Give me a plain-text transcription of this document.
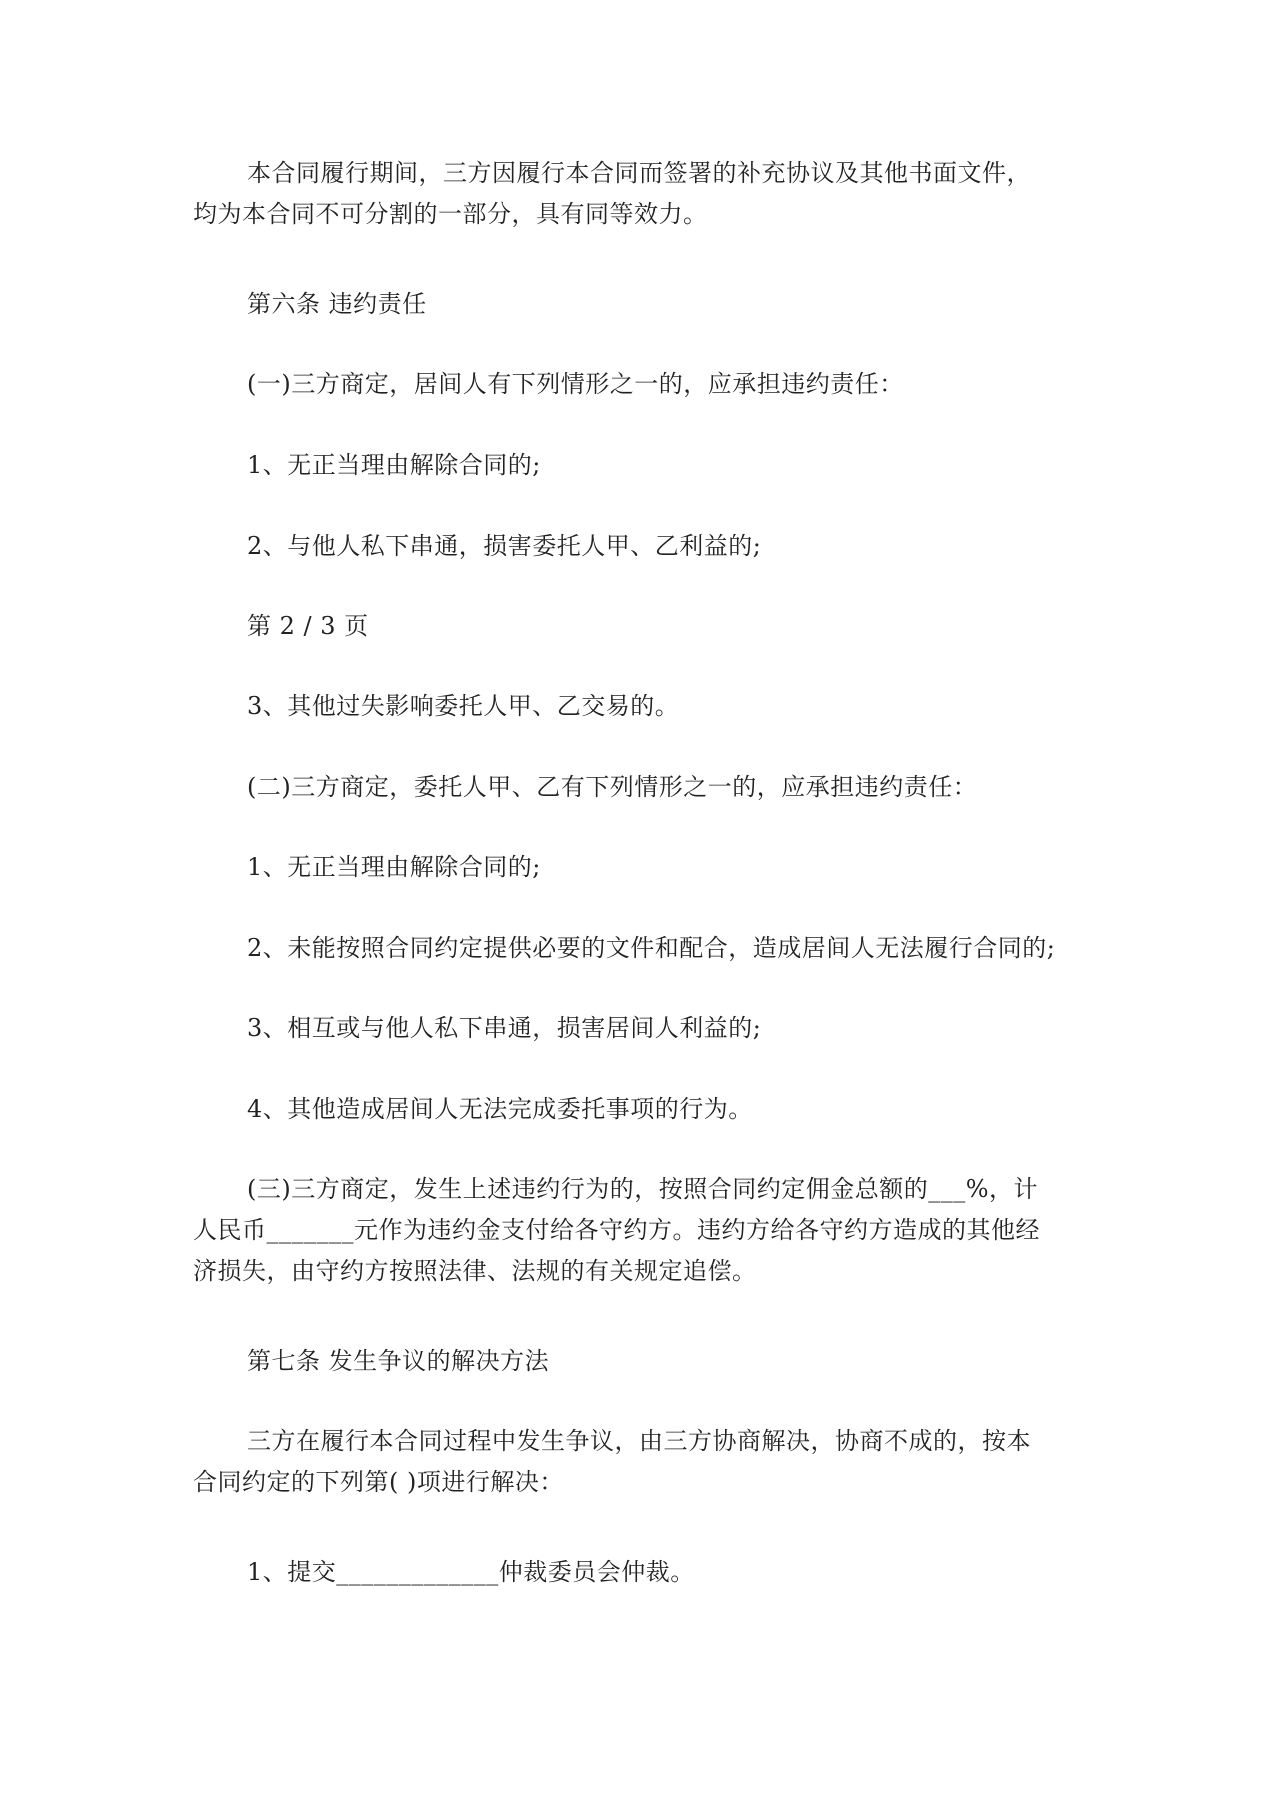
本合同履行期间，三方因履行本合同而签署的补充协议及其他书面文件，
均为本合同不可分割的一部分，具有同等效力。
第六条 违约责任
(一)三方商定，居间人有下列情形之一的，应承担违约责任：
1、无正当理由解除合同的;
2、与他人私下串通，损害委托人甲、乙利益的;
第 2 / 3 页
3、其他过失影响委托人甲、乙交易的。
(二)三方商定，委托人甲、乙有下列情形之一的，应承担违约责任：
1、无正当理由解除合同的;
2、未能按照合同约定提供必要的文件和配合，造成居间人无法履行合同的;
3、相互或与他人私下串通，损害居间人利益的;
4、其他造成居间人无法完成委托事项的行为。
(三)三方商定，发生上述违约行为的，按照合同约定佣金总额的___%，计
人民币_______元作为违约金支付给各守约方。违约方给各守约方造成的其他经
济损失，由守约方按照法律、法规的有关规定追偿。
第七条 发生争议的解决方法
三方在履行本合同过程中发生争议，由三方协商解决，协商不成的，按本
合同约定的下列第( )项进行解决：
1、提交_____________仲裁委员会仲裁。
